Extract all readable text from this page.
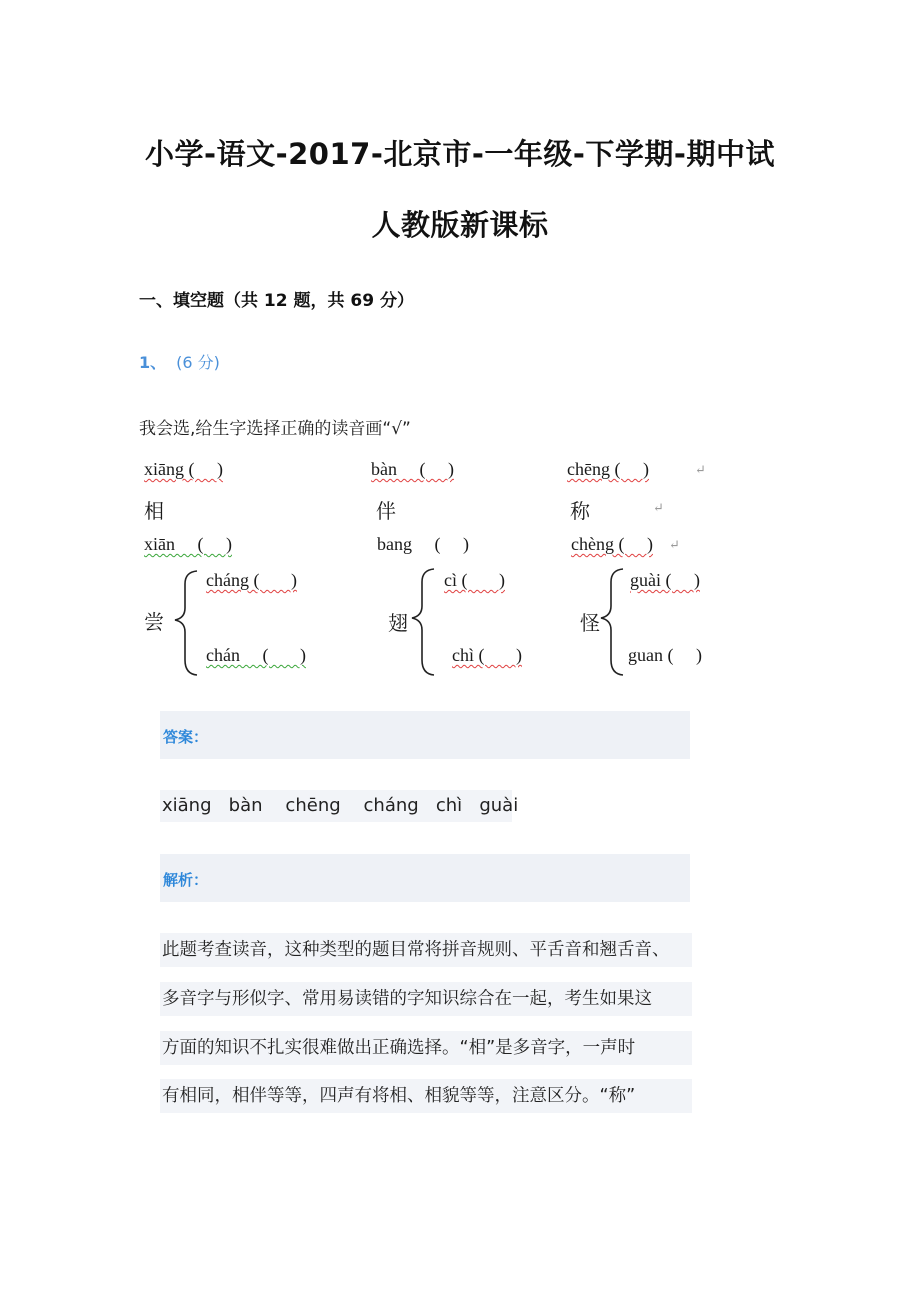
小学-语文-2017-北京市-一年级-下学期-期中试
人教版新课标
一、填空题（共 12 题，共 69 分）
1、 (6 分)
我会选,给生字选择正确的读音画“√”
xiāng (     )	bàn     (     )	chēng (     )	↵
相	伴	称	↵
xiān     (     )	bang     (     )	chèng (     ) ↵
尝
cháng (       )
chán     (       )
翅
cì (       )
chì (       )
怪
guài (     )
guan (     )
答案：
xiāng   bàn    chēng    cháng   chì   guài
解析：
此题考查读音，这种类型的题目常将拼音规则、平舌音和翘舌音、
多音字与形似字、常用易读错的字知识综合在一起，考生如果这
方面的知识不扎实很难做出正确选择。“相”是多音字，一声时
有相同，相伴等等，四声有将相、相貌等等，注意区分。“称”
